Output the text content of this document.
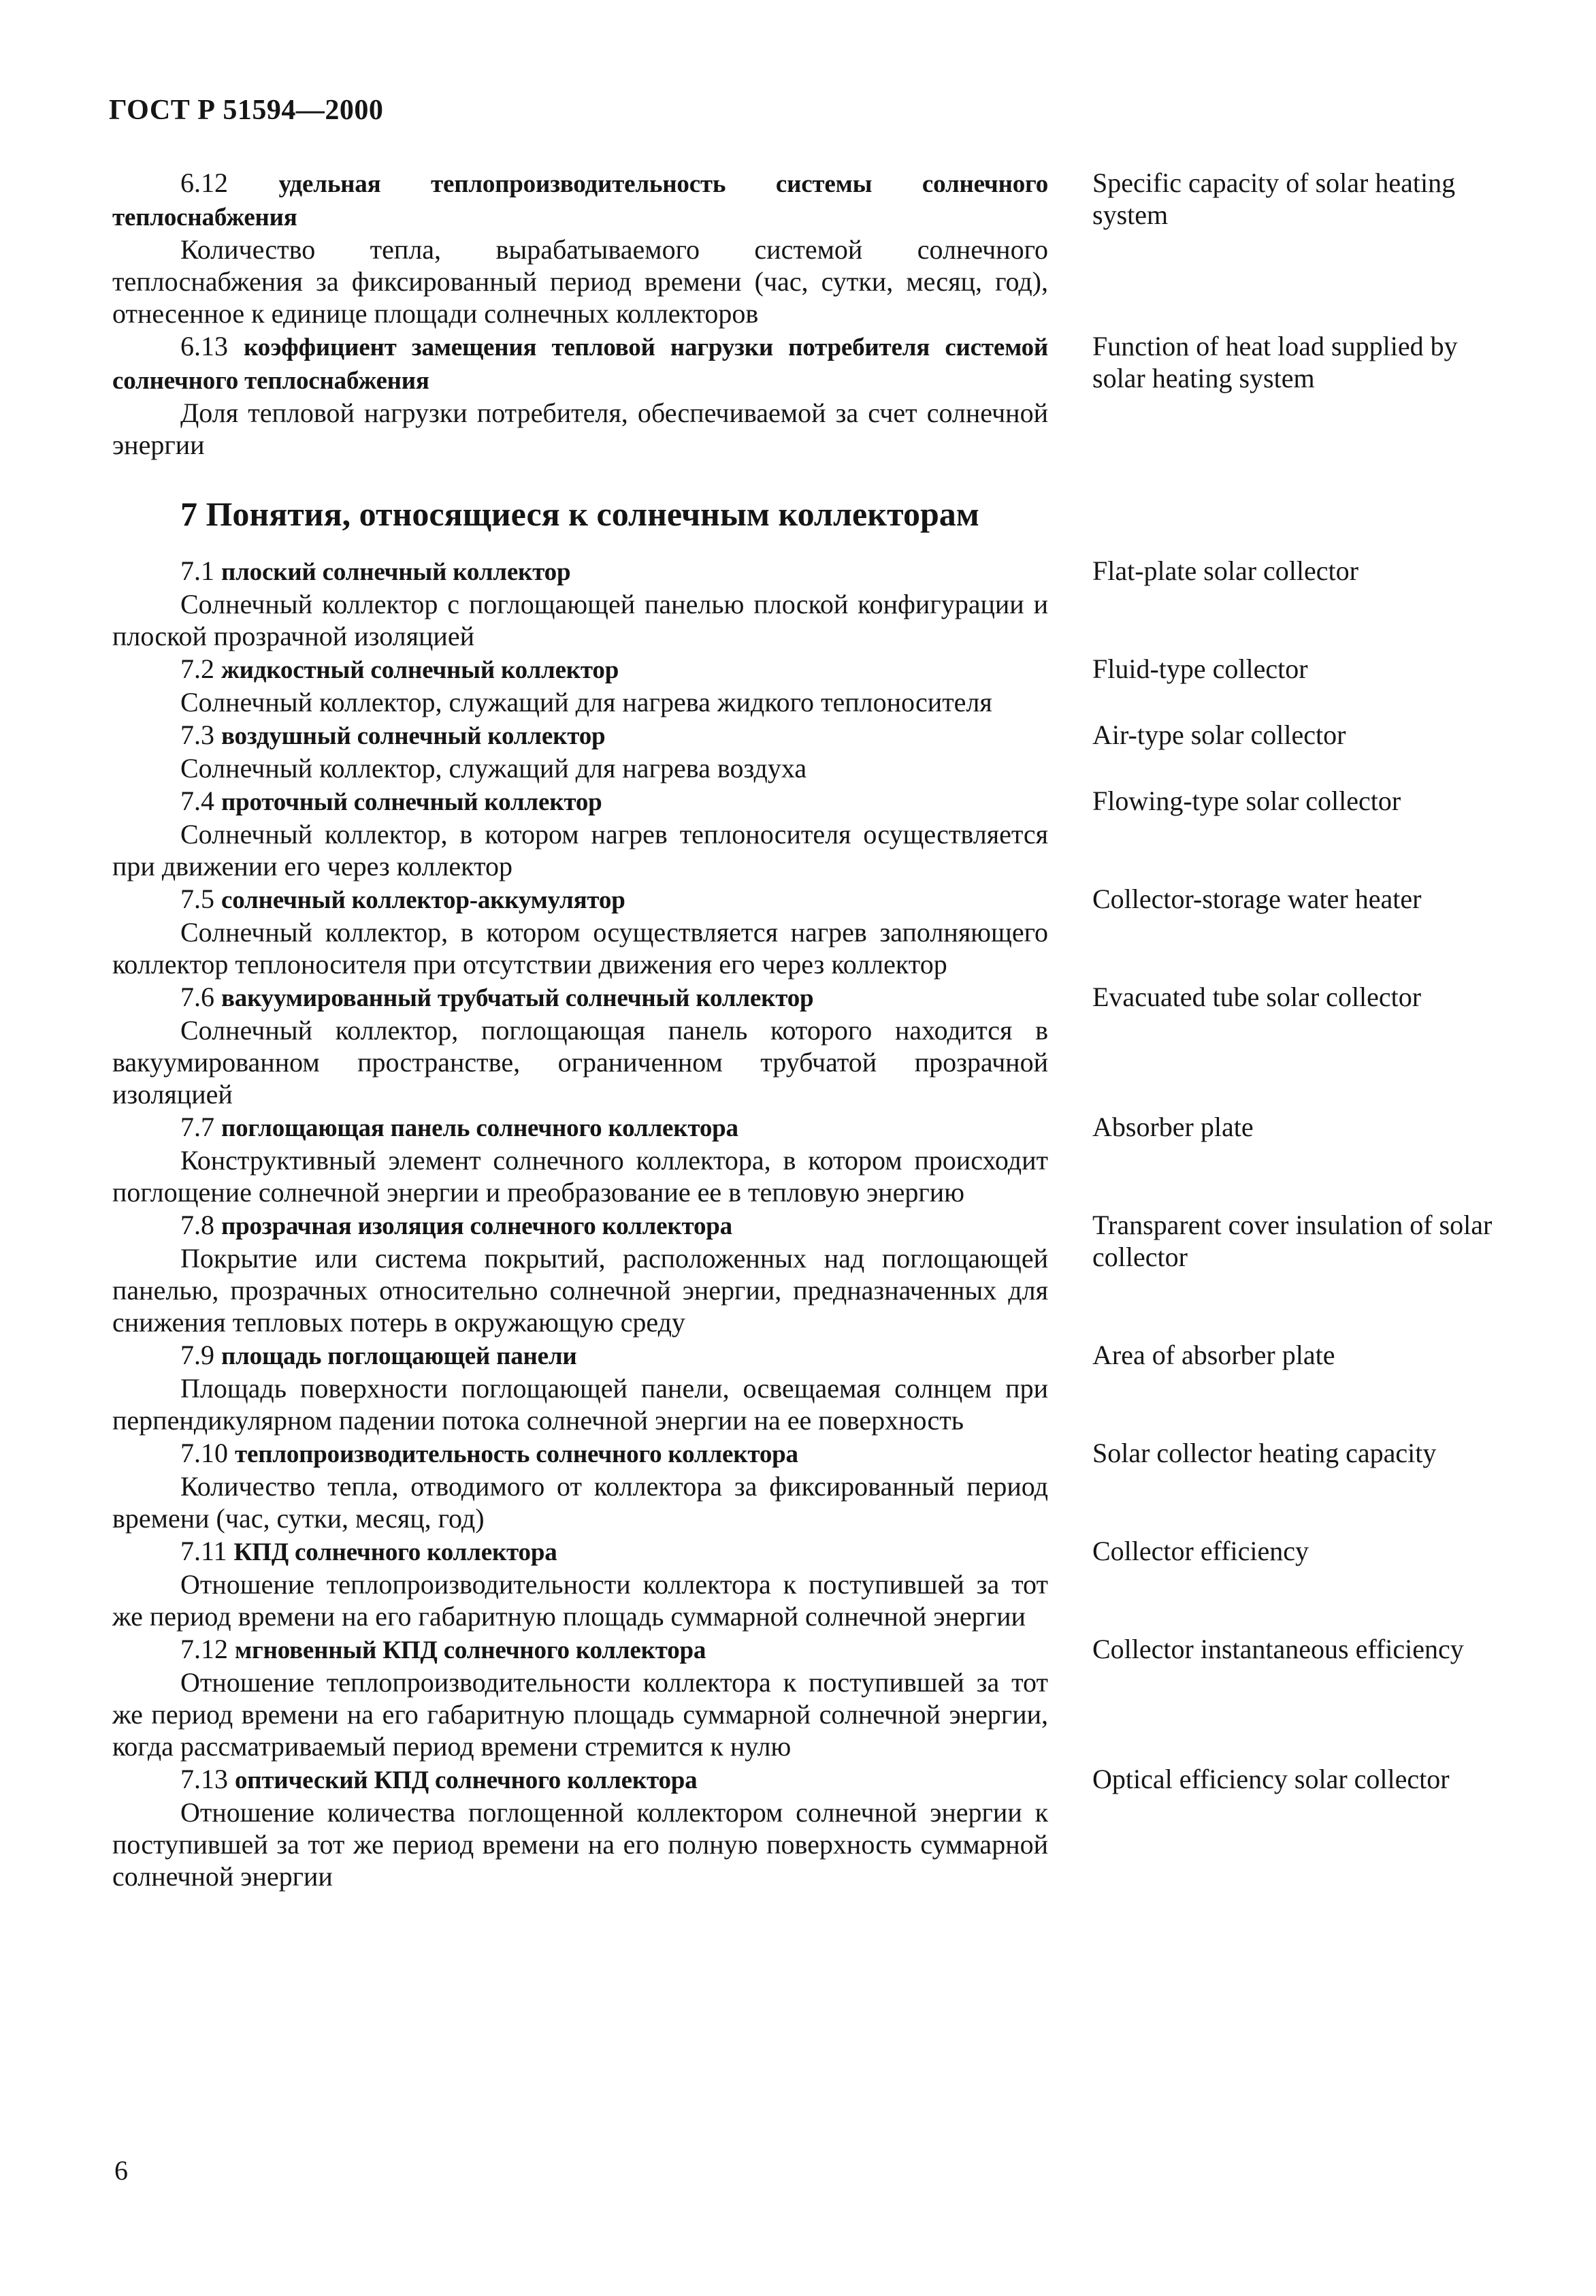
ГОСТ Р 51594—2000
6.12 удельная теплопроизводительность системы солнечного теплоснабжения
Количество тепла, вырабатываемого системой солнечного теплоснабжения за фиксированный период времени (час, сутки, месяц, год), отнесенное к единице площади солнечных коллекторов
Specific capacity of solar heating system
6.13 коэффициент замещения тепловой нагрузки потребителя системой солнечного теплоснабжения
Доля тепловой нагрузки потребителя, обеспечиваемой за счет солнечной энергии
Function of heat load supplied by solar heating system
7 Понятия, относящиеся к солнечным коллекторам
7.1 плоский солнечный коллектор
Солнечный коллектор с поглощающей панелью плоской конфигурации и плоской прозрачной изоляцией
Flat-plate solar collector
7.2 жидкостный солнечный коллектор
Солнечный коллектор, служащий для нагрева жидкого теплоносителя
Fluid-type collector
7.3 воздушный солнечный коллектор
Солнечный коллектор, служащий для нагрева воздуха
Air-type solar collector
7.4 проточный солнечный коллектор
Солнечный коллектор, в котором нагрев теплоносителя осуществляется при движении его через коллектор
Flowing-type solar collector
7.5 солнечный коллектор-аккумулятор
Солнечный коллектор, в котором осуществляется нагрев заполняющего коллектор теплоносителя при отсутствии движения его через коллектор
Collector-storage water heater
7.6 вакуумированный трубчатый солнечный коллектор
Солнечный коллектор, поглощающая панель которого находится в вакуумированном пространстве, ограниченном трубчатой прозрачной изоляцией
Evacuated tube solar collector
7.7 поглощающая панель солнечного коллектора
Конструктивный элемент солнечного коллектора, в котором происходит поглощение солнечной энергии и преобразование ее в тепловую энергию
Absorber plate
7.8 прозрачная изоляция солнечного коллектора
Покрытие или система покрытий, расположенных над поглощающей панелью, прозрачных относительно солнечной энергии, предназначенных для снижения тепловых потерь в окружающую среду
Transparent cover insulation of solar collector
7.9 площадь поглощающей панели
Площадь поверхности поглощающей панели, освещаемая солнцем при перпендикулярном падении потока солнечной энергии на ее поверхность
Area of absorber plate
7.10 теплопроизводительность солнечного коллектора
Количество тепла, отводимого от коллектора за фиксированный период времени (час, сутки, месяц, год)
Solar collector heating capacity
7.11 КПД солнечного коллектора
Отношение теплопроизводительности коллектора к поступившей за тот же период времени на его габаритную площадь суммарной солнечной энергии
Collector efficiency
7.12 мгновенный КПД солнечного коллектора
Отношение теплопроизводительности коллектора к поступившей за тот же период времени на его габаритную площадь суммарной солнечной энергии, когда рассматриваемый период времени стремится к нулю
Collector instantaneous efficiency
7.13 оптический КПД солнечного коллектора
Отношение количества поглощенной коллектором солнечной энергии к поступившей за тот же период времени на его полную поверхность суммарной солнечной энергии
Optical efficiency solar collector
6
